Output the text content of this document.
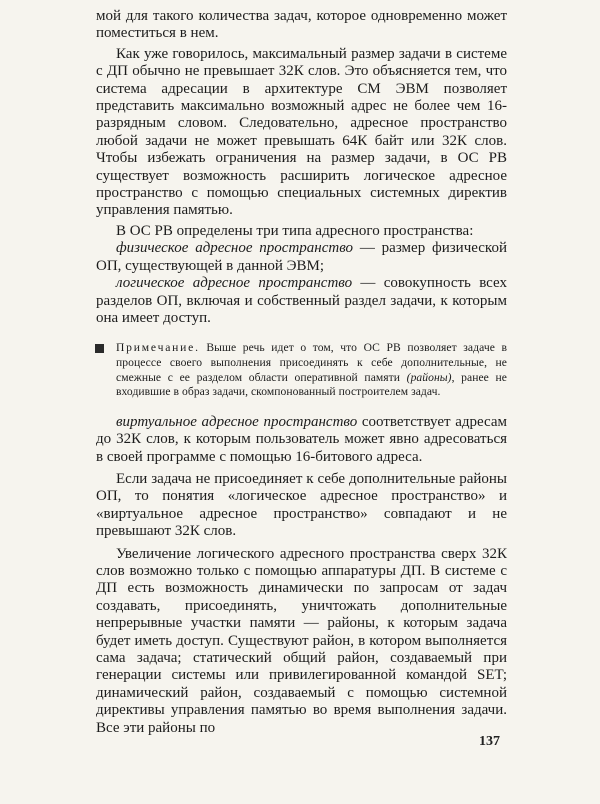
мой для такого количества задач, которое одновременно может поместиться в нем.

Как уже говорилось, максимальный размер задачи в системе с ДП обычно не превышает 32К слов. Это объясняется тем, что система адресации в архитектуре СМ ЭВМ позволяет представить максимально возможный адрес не более чем 16-разрядным словом. Следовательно, адресное пространство любой задачи не может превышать 64К байт или 32К слов. Чтобы избежать ограничения на размер задачи, в ОС РВ существует возможность расширить логическое адресное пространство с помощью специальных системных директив управления памятью.

В ОС РВ определены три типа адресного пространства:

физическое адресное пространство — размер физической ОП, существующей в данной ЭВМ;

логическое адресное пространство — совокупность всех разделов ОП, включая и собственный раздел задачи, к которым она имеет доступ.

Примечание. Выше речь идет о том, что ОС РВ позволяет задаче в процессе своего выполнения присоединять к себе дополнительные, не смежные с ее разделом области оперативной памяти (районы), ранее не входившие в образ задачи, скомпонованный построителем задач.

виртуальное адресное пространство соответствует адресам до 32К слов, к которым пользователь может явно адресоваться в своей программе с помощью 16-битового адреса.

Если задача не присоединяет к себе дополнительные районы ОП, то понятия «логическое адресное пространство» и «виртуальное адресное пространство» совпадают и не превышают 32К слов.

Увеличение логического адресного пространства сверх 32К слов возможно только с помощью аппаратуры ДП. В системе с ДП есть возможность динамически по запросам от задач создавать, присоединять, уничтожать дополнительные непрерывные участки памяти — районы, к которым задача будет иметь доступ. Существуют район, в котором выполняется сама задача; статический общий район, создаваемый при генерации системы или привилегированной командой SET; динамический район, создаваемый с помощью системной директивы управления памятью во время выполнения задачи. Все эти районы по

137
